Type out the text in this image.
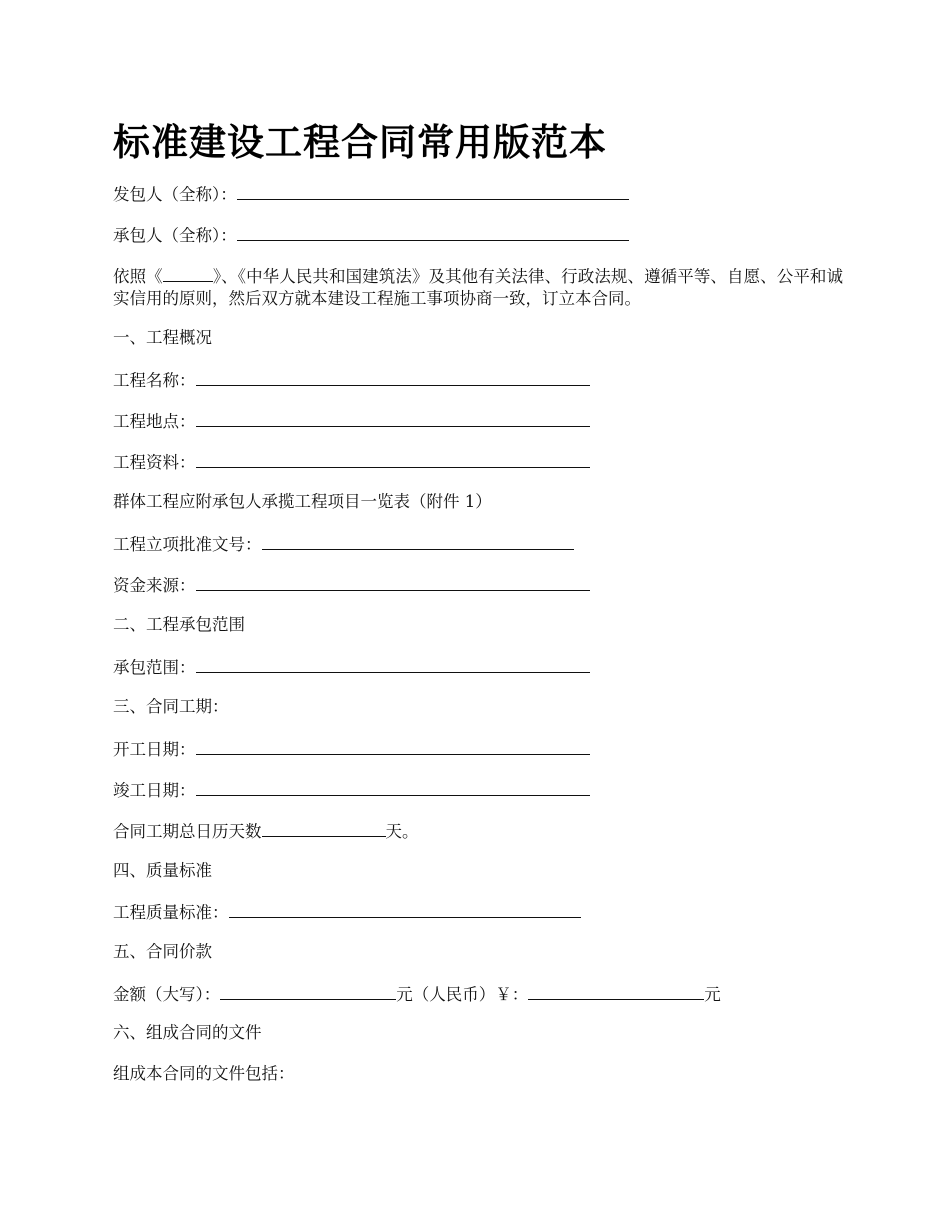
标准建设工程合同常用版范本
发包人（全称）：
承包人（全称）：
依照《	》、《中华人民共和国建筑法》及其他有关法律、行政法规、遵循平等、自愿、公平和诚实信用的原则，然后双方就本建设工程施工事项协商一致，订立本合同。
一、工程概况
工程名称：
工程地点：
工程资料：
群体工程应附承包人承揽工程项目一览表（附件 1）
工程立项批准文号：
资金来源：
二、工程承包范围
承包范围：
三、合同工期：
开工日期：
竣工日期：
合同工期总日历天数	天。
四、质量标准
工程质量标准：
五、合同价款
金额（大写）：	元（人民币）￥：	元
六、组成合同的文件
组成本合同的文件包括：
